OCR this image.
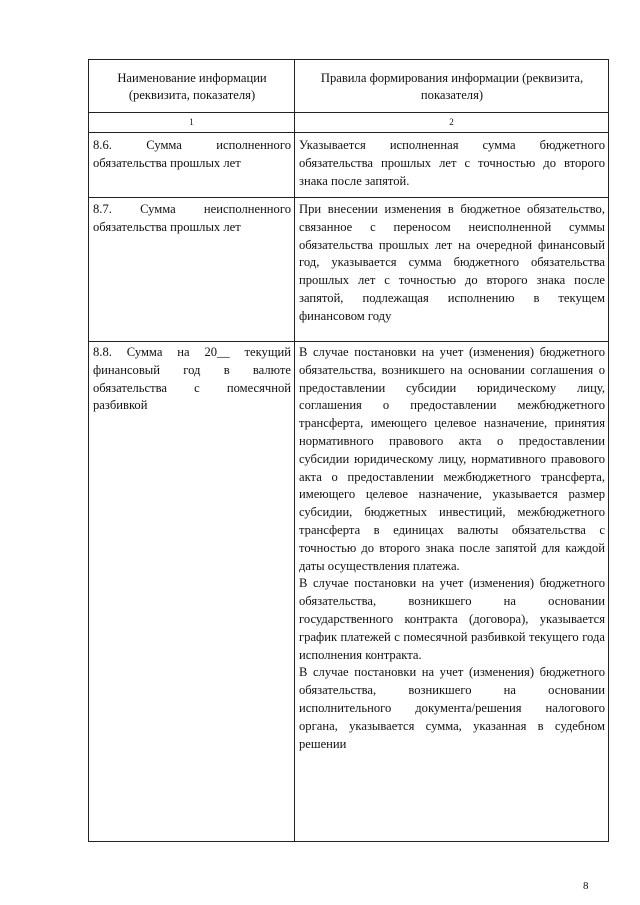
Наименование информации (реквизита, показателя)	Правила формирования информации (реквизита, показателя)
1	2
8.6. Сумма исполненного обязательства прошлых лет	Указывается исполненная сумма бюджетного обязательства прошлых лет с точностью до второго знака после запятой.
8.7. Сумма неисполненного обязательства прошлых лет	При внесении изменения в бюджетное обязательство, связанное с переносом неисполненной суммы обязательства прошлых лет на очередной финансовый год, указывается сумма бюджетного обязательства прошлых лет с точностью до второго знака после запятой, подлежащая исполнению в текущем финансовом году
8.8. Сумма на 20__ текущий финансовый год в валюте обязательства с помесячной разбивкой	В случае постановки на учет (изменения) бюджетного обязательства, возникшего на основании соглашения о предоставлении субсидии юридическому лицу, соглашения о предоставлении межбюджетного трансферта, имеющего целевое назначение, принятия нормативного правового акта о предоставлении субсидии юридическому лицу, нормативного правового акта о предоставлении межбюджетного трансферта, имеющего целевое назначение, указывается размер субсидии, бюджетных инвестиций, межбюджетного трансферта в единицах валюты обязательства с точностью до второго знака после запятой для каждой даты осуществления платежа.

В случае постановки на учет (изменения) бюджетного обязательства, возникшего на основании государственного контракта (договора), указывается график платежей с помесячной разбивкой текущего года исполнения контракта.

В случае постановки на учет (изменения) бюджетного обязательства, возникшего на основании исполнительного документа/решения налогового органа, указывается сумма, указанная в судебном решении

8
